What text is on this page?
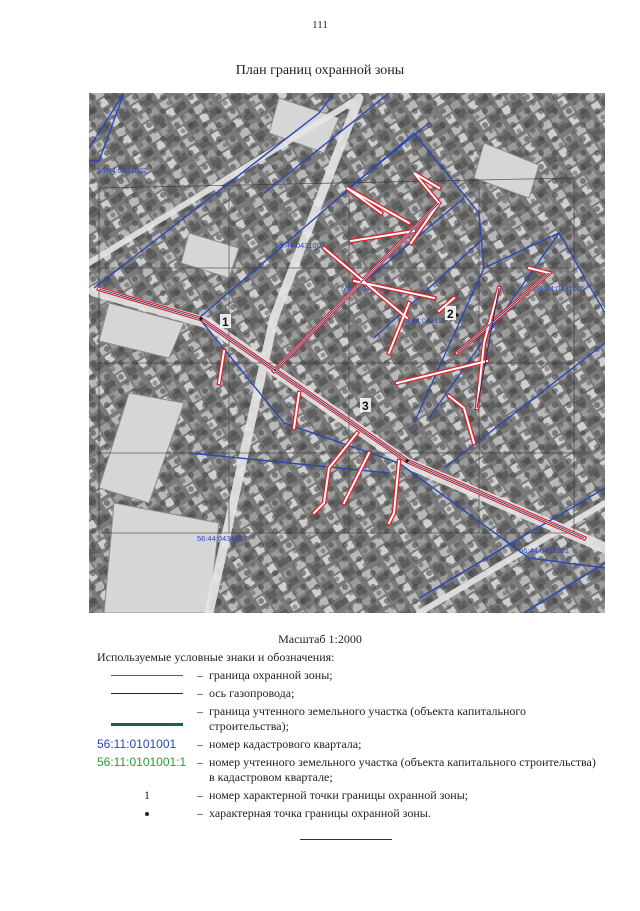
111
План границ охранной зоны
56:44:0431002
56:44:0431003
56:44:0431004
56:44:04310
56:44:0431005
56:44:0431007
56:44:0432001
1
2
3
Масштаб 1:2000
Используемые условные знаки и обозначения:
– граница охранной зоны;
– ось газопровода;
– граница учтенного земельного участка (объекта капитального строительства);
56:11:0101001	– номер кадастрового квартала;
56:11:0101001:1 – номер учтенного земельного участка (объекта капитального строительства) в кадастровом квартале;
1	– номер характерной точки границы охранной зоны;
– характерная точка границы охранной зоны.
